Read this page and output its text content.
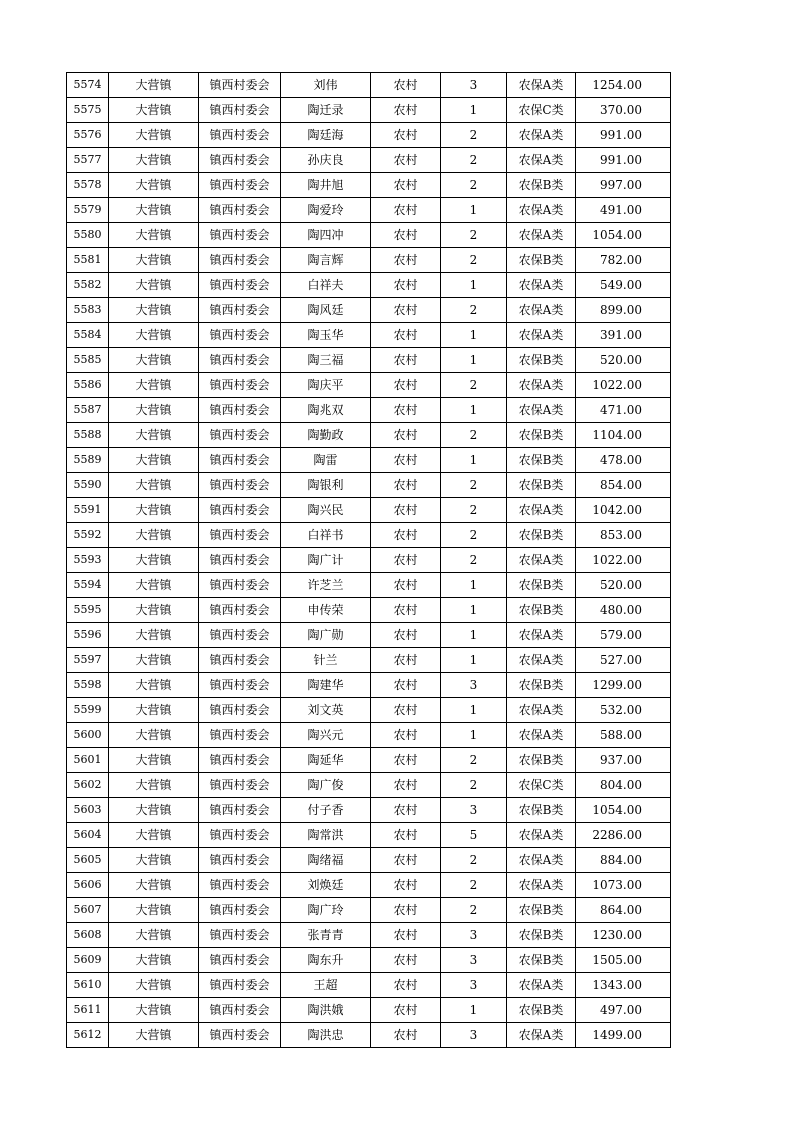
5574	大营镇	镇西村委会	刘伟	农村	3	农保A类	1254.00
5575	大营镇	镇西村委会	陶迁录	农村	1	农保C类	370.00
5576	大营镇	镇西村委会	陶廷海	农村	2	农保A类	991.00
5577	大营镇	镇西村委会	孙庆良	农村	2	农保A类	991.00
5578	大营镇	镇西村委会	陶井旭	农村	2	农保B类	997.00
5579	大营镇	镇西村委会	陶爱玲	农村	1	农保A类	491.00
5580	大营镇	镇西村委会	陶四冲	农村	2	农保A类	1054.00
5581	大营镇	镇西村委会	陶言辉	农村	2	农保B类	782.00
5582	大营镇	镇西村委会	白祥夫	农村	1	农保A类	549.00
5583	大营镇	镇西村委会	陶风廷	农村	2	农保A类	899.00
5584	大营镇	镇西村委会	陶玉华	农村	1	农保A类	391.00
5585	大营镇	镇西村委会	陶三福	农村	1	农保B类	520.00
5586	大营镇	镇西村委会	陶庆平	农村	2	农保A类	1022.00
5587	大营镇	镇西村委会	陶兆双	农村	1	农保A类	471.00
5588	大营镇	镇西村委会	陶勤政	农村	2	农保B类	1104.00
5589	大营镇	镇西村委会	陶雷	农村	1	农保B类	478.00
5590	大营镇	镇西村委会	陶银利	农村	2	农保B类	854.00
5591	大营镇	镇西村委会	陶兴民	农村	2	农保A类	1042.00
5592	大营镇	镇西村委会	白祥书	农村	2	农保B类	853.00
5593	大营镇	镇西村委会	陶广计	农村	2	农保A类	1022.00
5594	大营镇	镇西村委会	许芝兰	农村	1	农保B类	520.00
5595	大营镇	镇西村委会	申传荣	农村	1	农保B类	480.00
5596	大营镇	镇西村委会	陶广勋	农村	1	农保A类	579.00
5597	大营镇	镇西村委会	针兰	农村	1	农保A类	527.00
5598	大营镇	镇西村委会	陶建华	农村	3	农保B类	1299.00
5599	大营镇	镇西村委会	刘文英	农村	1	农保A类	532.00
5600	大营镇	镇西村委会	陶兴元	农村	1	农保A类	588.00
5601	大营镇	镇西村委会	陶延华	农村	2	农保B类	937.00
5602	大营镇	镇西村委会	陶广俊	农村	2	农保C类	804.00
5603	大营镇	镇西村委会	付子香	农村	3	农保B类	1054.00
5604	大营镇	镇西村委会	陶常洪	农村	5	农保A类	2286.00
5605	大营镇	镇西村委会	陶绪福	农村	2	农保A类	884.00
5606	大营镇	镇西村委会	刘焕廷	农村	2	农保A类	1073.00
5607	大营镇	镇西村委会	陶广玲	农村	2	农保B类	864.00
5608	大营镇	镇西村委会	张青青	农村	3	农保B类	1230.00
5609	大营镇	镇西村委会	陶东升	农村	3	农保B类	1505.00
5610	大营镇	镇西村委会	王超	农村	3	农保A类	1343.00
5611	大营镇	镇西村委会	陶洪娥	农村	1	农保B类	497.00
5612	大营镇	镇西村委会	陶洪忠	农村	3	农保A类	1499.00
